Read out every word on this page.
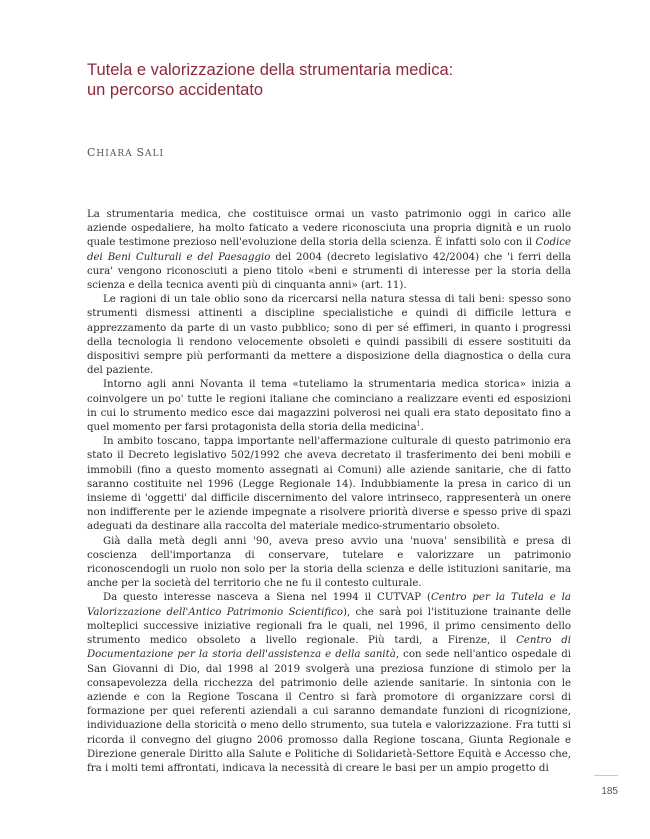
Tutela e valorizzazione della strumentaria medica:
un percorso accidentato
CHIARA SALI

La strumentaria medica, che costituisce ormai un vasto patrimonio oggi in carico alle aziende ospedaliere, ha molto faticato a vedere riconosciuta una propria dignità e un ruolo quale testimone prezioso nell'evoluzione della storia della scienza. È infatti solo con il Codice dei Beni Culturali e del Paesaggio del 2004 (decreto legislativo 42/2004) che 'i ferri della cura' vengono riconosciuti a pieno titolo «beni e strumenti di interesse per la storia della scienza e della tecnica aventi più di cinquanta anni» (art. 11).

Le ragioni di un tale oblio sono da ricercarsi nella natura stessa di tali beni: spesso sono strumenti dismessi attinenti a discipline specialistiche e quindi di difficile lettura e apprezzamento da parte di un vasto pubblico; sono di per sé effimeri, in quanto i progressi della tecnologia li rendono velocemente obsoleti e quindi passibili di essere sostituiti da dispositivi sempre più performanti da mettere a disposizione della diagnostica o della cura del paziente.

Intorno agli anni Novanta il tema «tuteliamo la strumentaria medica storica» inizia a coinvolgere un po' tutte le regioni italiane che cominciano a realizzare eventi ed esposizioni in cui lo strumento medico esce dai magazzini polverosi nei quali era stato depositato fino a quel momento per farsi protagonista della storia della medicina$^1$.

In ambito toscano, tappa importante nell'affermazione culturale di questo patrimonio era stato il Decreto legislativo 502/1992 che aveva decretato il trasferimento dei beni mobili e immobili (fino a questo momento assegnati ai Comuni) alle aziende sanitarie, che di fatto saranno costituite nel 1996 (Legge Regionale 14). Indubbiamente la presa in carico di un insieme di 'oggetti' dal difficile discernimento del valore intrinseco, rappresenterà un onere non indifferente per le aziende impegnate a risolvere priorità diverse e spesso prive di spazi adeguati da destinare alla raccolta del materiale medico-strumentario obsoleto.

Già dalla metà degli anni '90, aveva preso avvio una 'nuova' sensibilità e presa di coscienza dell'importanza di conservare, tutelare e valorizzare un patrimonio riconoscendogli un ruolo non solo per la storia della scienza e delle istituzioni sanitarie, ma anche per la società del territorio che ne fu il contesto culturale.

Da questo interesse nasceva a Siena nel 1994 il CUTVAP (Centro per la Tutela e la Valorizzazione dell'Antico Patrimonio Scientifico), che sarà poi l'istituzione trainante delle molteplici successive iniziative regionali fra le quali, nel 1996, il primo censimento dello strumento medico obsoleto a livello regionale. Più tardi, a Firenze, il Centro di Documentazione per la storia dell'assistenza e della sanità, con sede nell'antico ospedale di San Giovanni di Dio, dal 1998 al 2019 svolgerà una preziosa funzione di stimolo per la consapevolezza della ricchezza del patrimonio delle aziende sanitarie. In sintonia con le aziende e con la Regione Toscana il Centro si farà promotore di organizzare corsi di formazione per quei referenti aziendali a cui saranno demandate funzioni di ricognizione, individuazione della storicità o meno dello strumento, sua tutela e valorizzazione. Fra tutti si ricorda il convegno del giugno 2006 promosso dalla Regione toscana, Giunta Regionale e Direzione generale Diritto alla Salute e Politiche di Solidarietà-Settore Equità e Accesso che, fra i molti temi affrontati, indicava la necessità di creare le basi per un ampio progetto di

185
